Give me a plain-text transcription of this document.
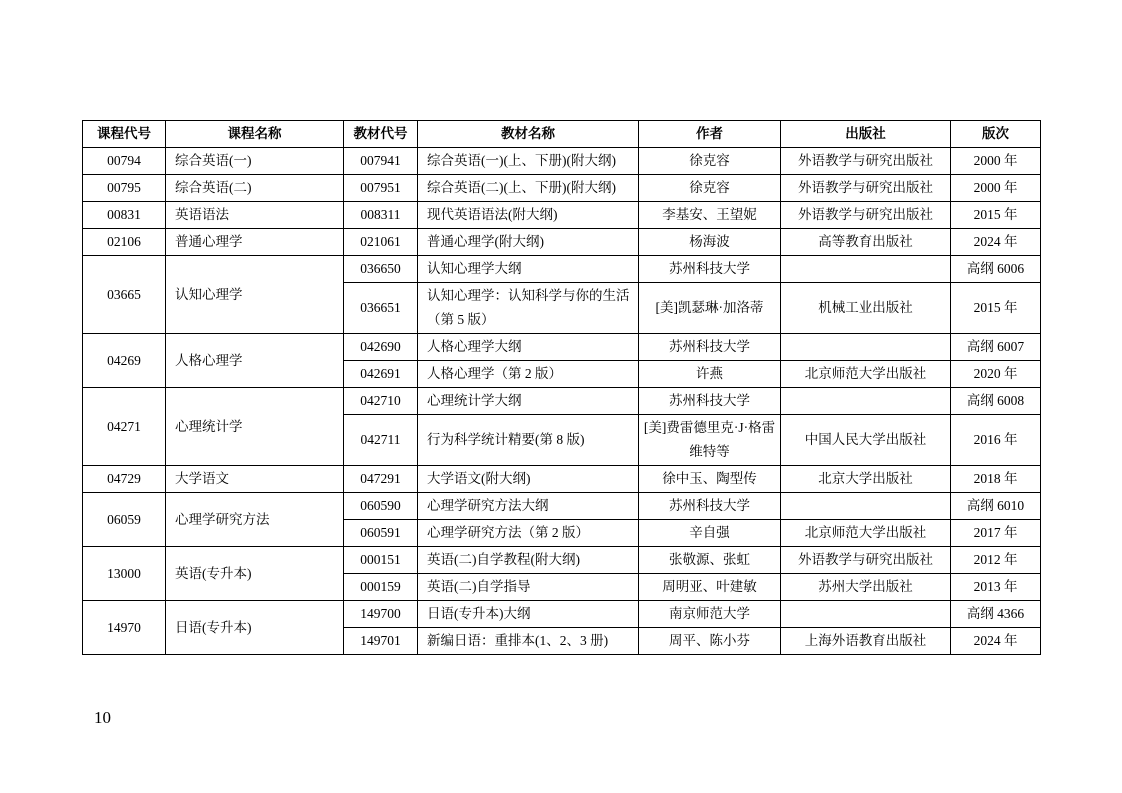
课程代号	课程名称	教材代号	教材名称	作者	出版社	版次
00794	综合英语(一)	007941	综合英语(一)(上、下册)(附大纲)	徐克容	外语教学与研究出版社	2000 年
00795	综合英语(二)	007951	综合英语(二)(上、下册)(附大纲)	徐克容	外语教学与研究出版社	2000 年
00831	英语语法	008311	现代英语语法(附大纲)	李基安、王望妮	外语教学与研究出版社	2015 年
02106	普通心理学	021061	普通心理学(附大纲)	杨海波	高等教育出版社	2024 年
03665	认知心理学	036650	认知心理学大纲	苏州科技大学		高纲 6006
		036651	认知心理学：认知科学与你的生活（第 5 版）	[美]凯瑟琳·加洛蒂	机械工业出版社	2015 年
04269	人格心理学	042690	人格心理学大纲	苏州科技大学		高纲 6007
		042691	人格心理学（第 2 版）	许燕	北京师范大学出版社	2020 年
04271	心理统计学	042710	心理统计学大纲	苏州科技大学		高纲 6008
		042711	行为科学统计精要(第 8 版)	[美]费雷德里克·J·格雷维特等	中国人民大学出版社	2016 年
04729	大学语文	047291	大学语文(附大纲)	徐中玉、陶型传	北京大学出版社	2018 年
06059	心理学研究方法	060590	心理学研究方法大纲	苏州科技大学		高纲 6010
		060591	心理学研究方法（第 2 版）	辛自强	北京师范大学出版社	2017 年
13000	英语(专升本)	000151	英语(二)自学教程(附大纲)	张敬源、张虹	外语教学与研究出版社	2012 年
		000159	英语(二)自学指导	周明亚、叶建敏	苏州大学出版社	2013 年
14970	日语(专升本)	149700	日语(专升本)大纲	南京师范大学		高纲 4366
		149701	新编日语：重排本(1、2、3 册)	周平、陈小芬	上海外语教育出版社	2024 年
10
